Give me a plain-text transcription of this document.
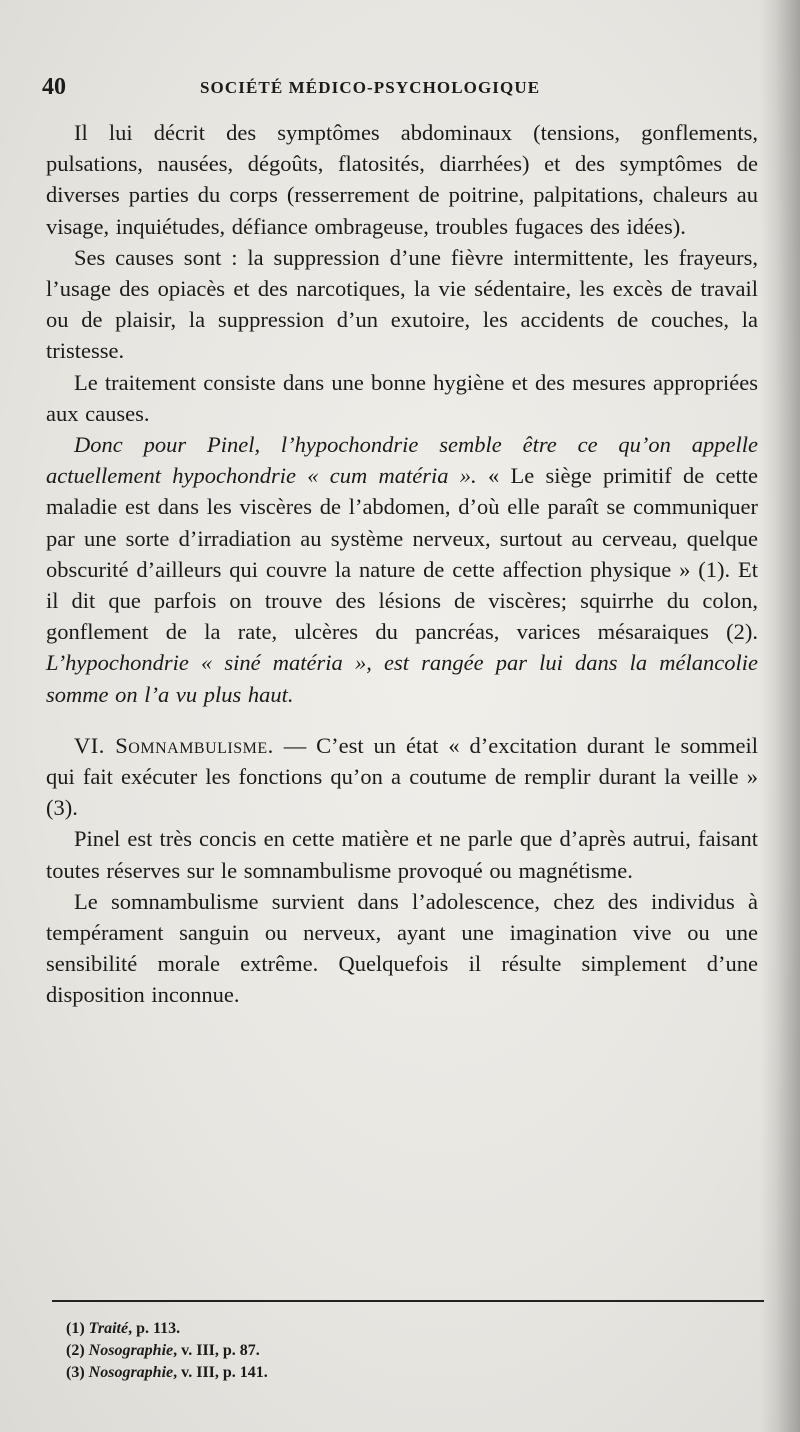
40	SOCIÉTÉ MÉDICO-PSYCHOLOGIQUE

Il lui décrit des symptômes abdominaux (tensions, gonflements, pulsations, nausées, dégoûts, flatosités, diarrhées) et des symptômes de diverses parties du corps (resserrement de poitrine, palpitations, chaleurs au visage, inquiétudes, défiance ombrageuse, troubles fugaces des idées).

Ses causes sont : la suppression d’une fièvre intermittente, les frayeurs, l’usage des opiacès et des narcotiques, la vie sédentaire, les excès de travail ou de plaisir, la suppression d’un exutoire, les accidents de couches, la tristesse.

Le traitement consiste dans une bonne hygiène et des mesures appropriées aux causes.

Donc pour Pinel, l’hypochondrie semble être ce qu’on appelle actuellement hypochondrie « cum matéria ». « Le siège primitif de cette maladie est dans les viscères de l’abdomen, d’où elle paraît se communiquer par une sorte d’irradiation au système nerveux, surtout au cerveau, quelque obscurité d’ailleurs qui couvre la nature de cette affection physique » (1). Et il dit que parfois on trouve des lésions de viscères; squirrhe du colon, gonflement de la rate, ulcères du pancréas, varices mésaraiques (2). L’hypochondrie « siné matéria », est rangée par lui dans la mélancolie somme on l’a vu plus haut.

VI. Somnambulisme. — C’est un état « d’excitation durant le sommeil qui fait exécuter les fonctions qu’on a coutume de remplir durant la veille » (3).

Pinel est très concis en cette matière et ne parle que d’après autrui, faisant toutes réserves sur le somnambulisme provoqué ou magnétisme.

Le somnambulisme survient dans l’adolescence, chez des individus à tempérament sanguin ou nerveux, ayant une imagination vive ou une sensibilité morale extrême. Quelquefois il résulte simplement d’une disposition inconnue.

(1) Traité, p. 113.
(2) Nosographie, v. III, p. 87.
(3) Nosographie, v. III, p. 141.
